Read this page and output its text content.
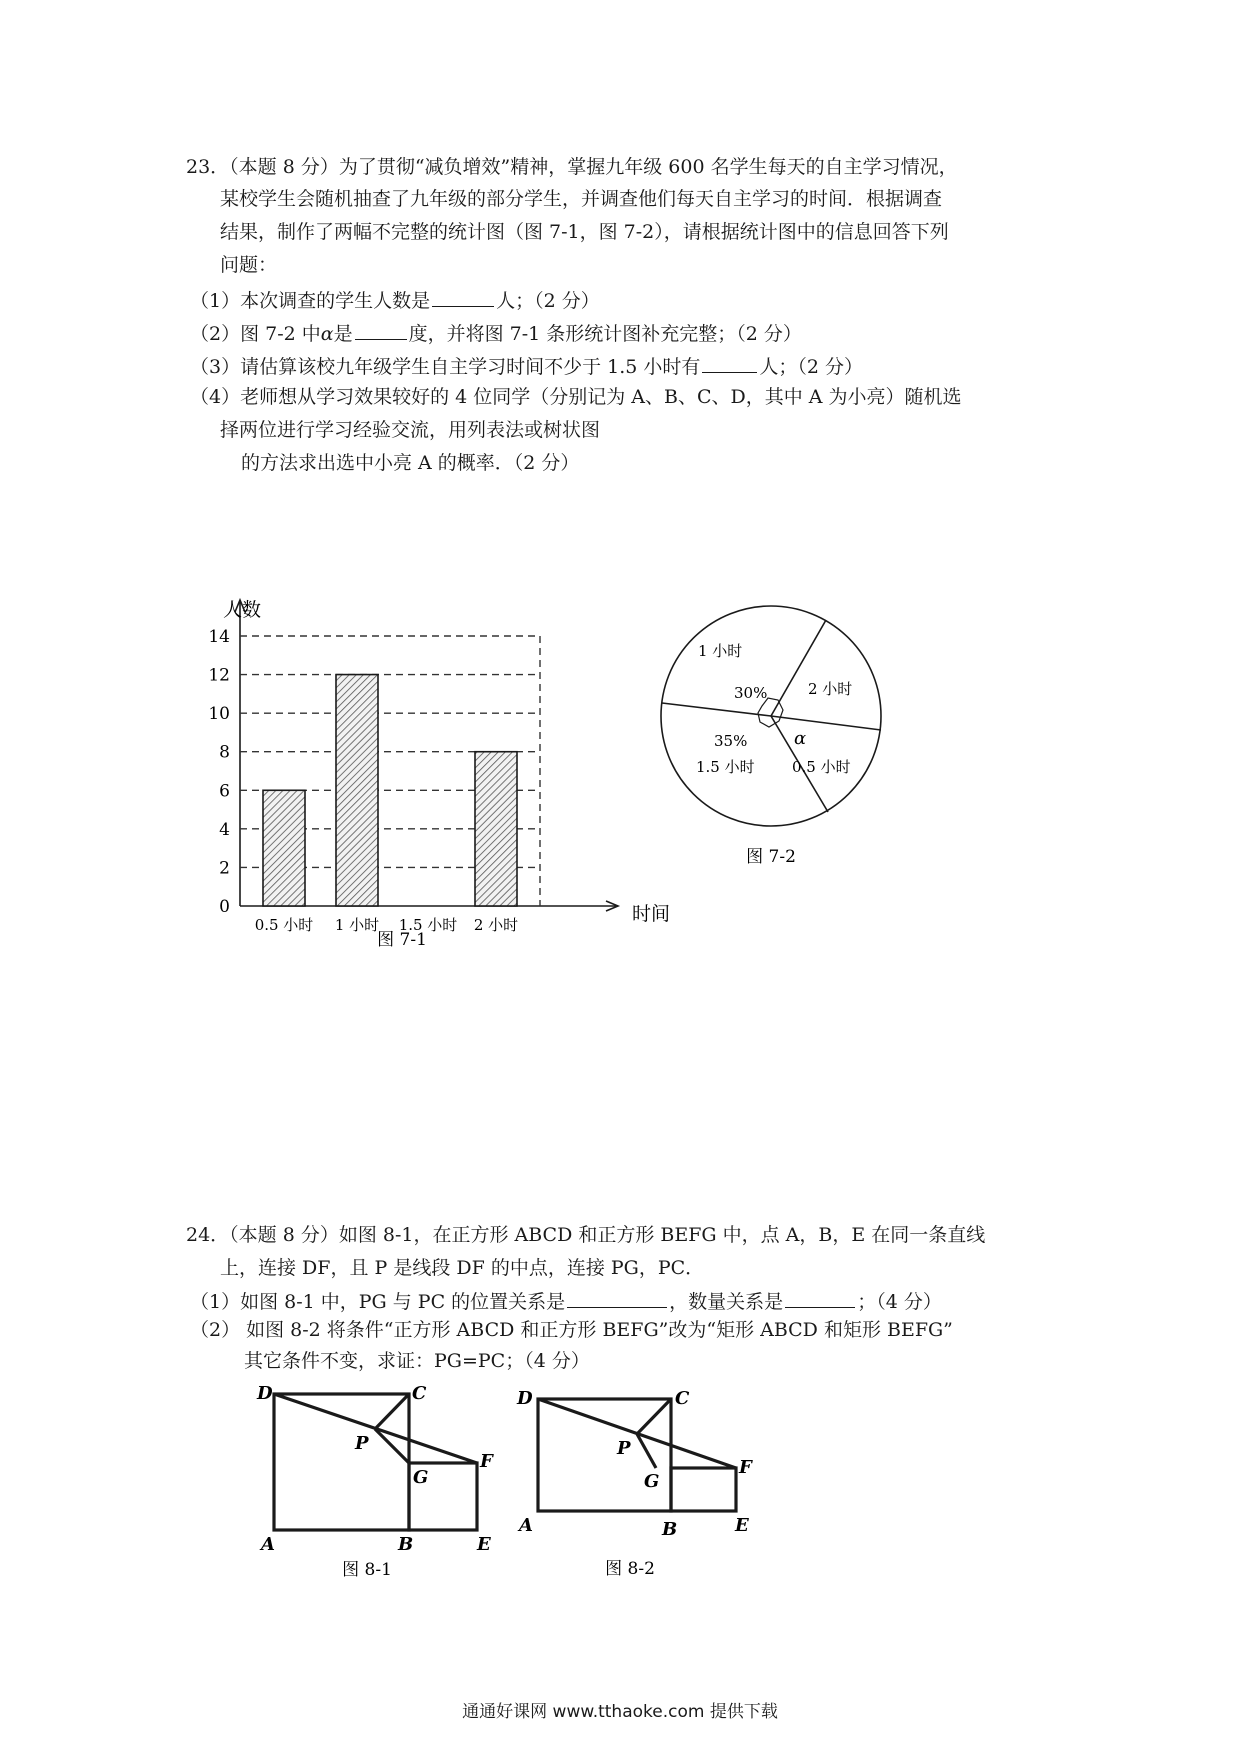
23．（本题 8 分）为了贯彻“减负增效”精神，掌握九年级 600 名学生每天的自主学习情况，
某校学生会随机抽查了九年级的部分学生，并调查他们每天自主学习的时间．根据调查
结果，制作了两幅不完整的统计图（图 7-1，图 7-2），请根据统计图中的信息回答下列
问题：
（1）本次调查的学生人数是	人；（2 分）
（2）图 7-2 中α是	度，并将图 7-1 条形统计图补充完整；（2 分）
（3）请估算该校九年级学生自主学习时间不少于 1.5 小时有	人；（2 分）
（4）老师想从学习效果较好的 4 位同学（分别记为 A、B、C、D，其中 A 为小亮）随机选
择两位进行学习经验交流，用列表法或树状图
的方法求出选中小亮 A 的概率．（2 分）
0
2
4
6
8
10
12
14
0.5 小时 1 小时 1.5 小时 2 小时
人数
时间
图 7-1
1 小时
30%	2 小时
35%
1.5 小时
α
0.5 小时
图 7-2
24．（本题 8 分）如图 8-1，在正方形 ABCD 和正方形 BEFG 中，点 A，B，E 在同一条直线
上，连接 DF，且 P 是线段 DF 的中点，连接 PG，PC．
（1）如图 8-1 中，PG 与 PC 的位置关系是	，数量关系是	；（4 分）
（2） 如图 8-2 将条件“正方形 ABCD 和正方形 BEFG”改为“矩形 ABCD 和矩形 BEFG”
其它条件不变，求证：PG=PC；（4 分）
D	C
P
G
F
A	B	E
图 8-1
D	C
P
G
F
A	B	E
图 8-2
通通好课网 www.tthaoke.com 提供下载
